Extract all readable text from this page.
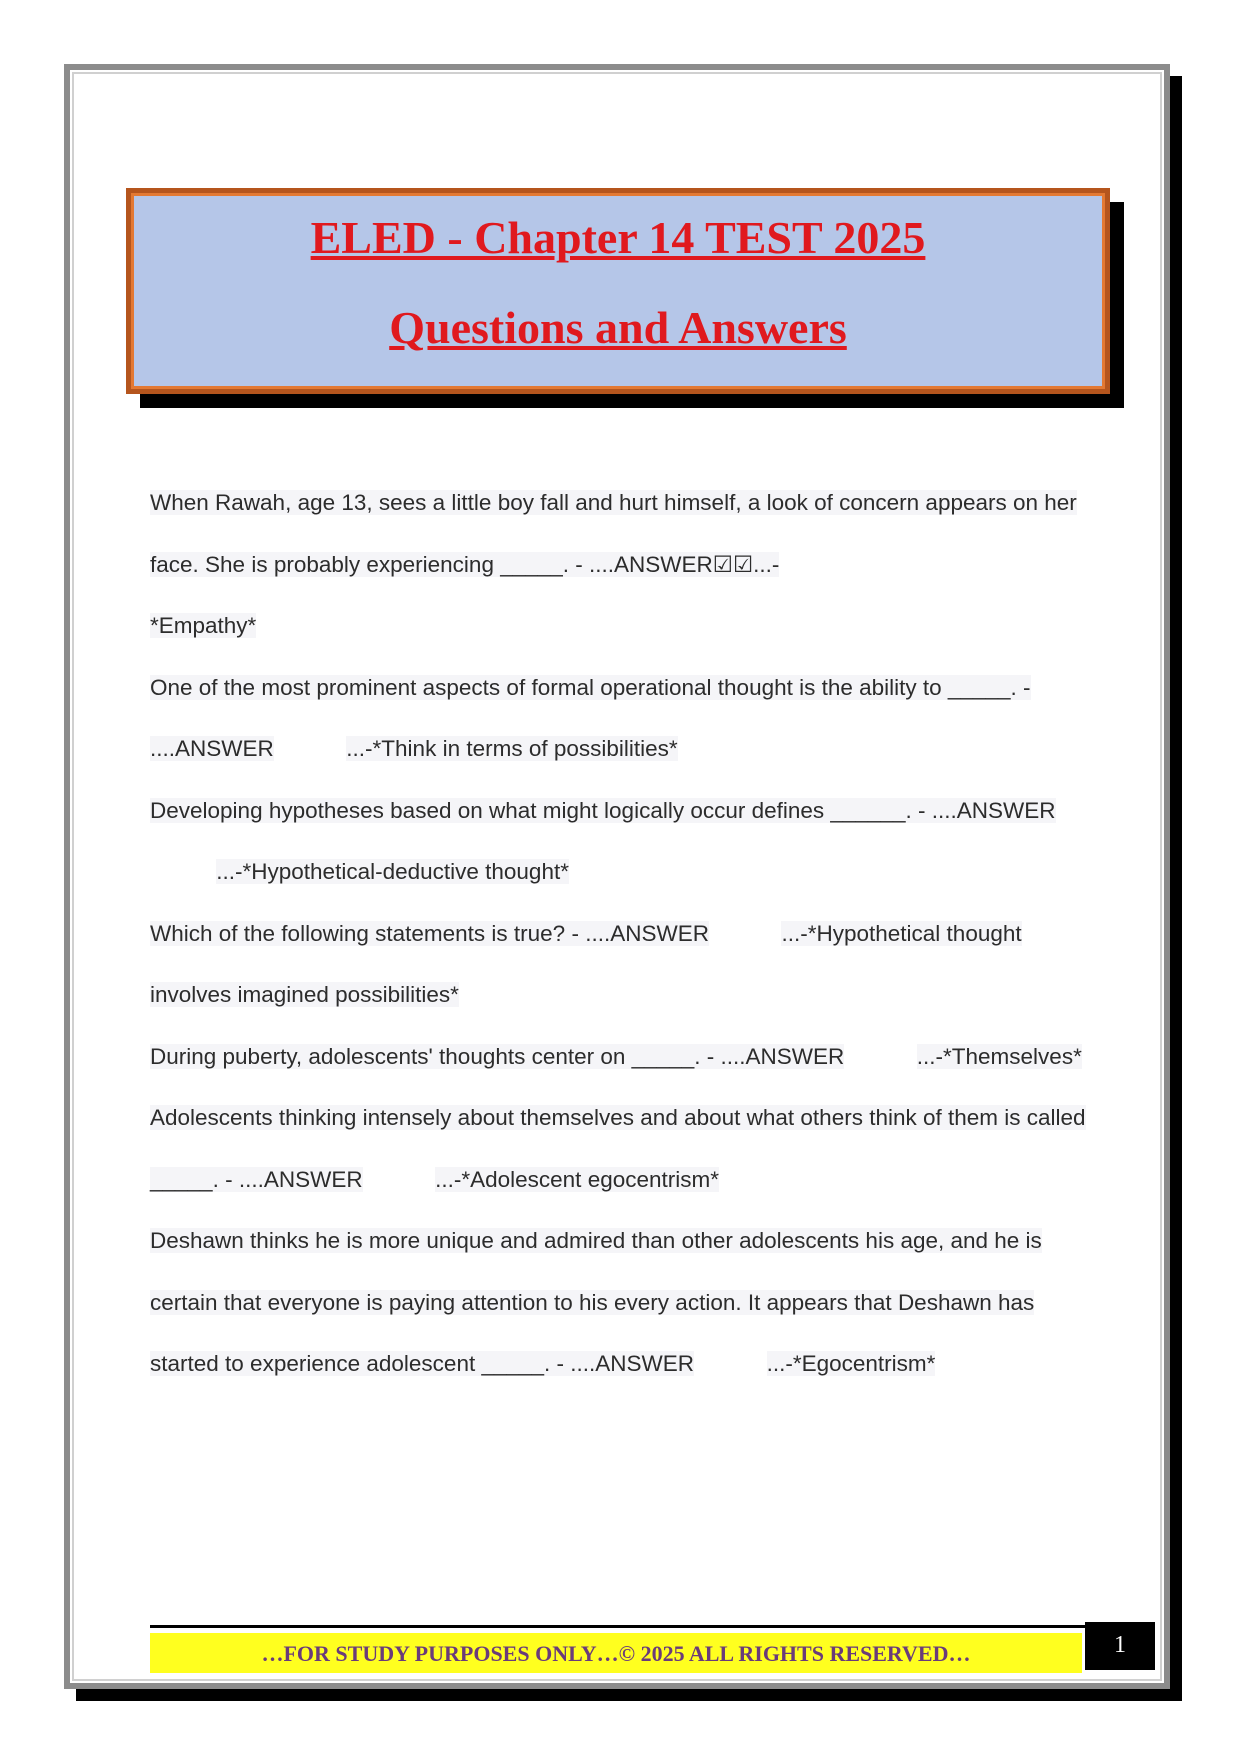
ELED - Chapter 14 TEST 2025
Questions and Answers
When Rawah, age 13, sees a little boy fall and hurt himself, a look of concern appears on her face. She is probably experiencing _____. - ....ANSWER☑☑...-
*Empathy*
One of the most prominent aspects of formal operational thought is the ability to _____. - ....ANSWER	...-*Think in terms of possibilities*
Developing hypotheses based on what might logically occur defines ______. - ....ANSWER  ...-*Hypothetical-deductive thought*
Which of the following statements is true? - ....ANSWER	...-*Hypothetical thought involves imagined possibilities*
During puberty, adolescents' thoughts center on _____. - ....ANSWER	...-*Themselves*
Adolescents thinking intensely about themselves and about what others think of them is called _____. - ....ANSWER	...-*Adolescent egocentrism*
Deshawn thinks he is more unique and admired than other adolescents his age, and he is certain that everyone is paying attention to his every action. It appears that Deshawn has started to experience adolescent _____. - ....ANSWER	...-*Egocentrism*
…FOR STUDY PURPOSES ONLY…© 2025 ALL RIGHTS RESERVED…	1
